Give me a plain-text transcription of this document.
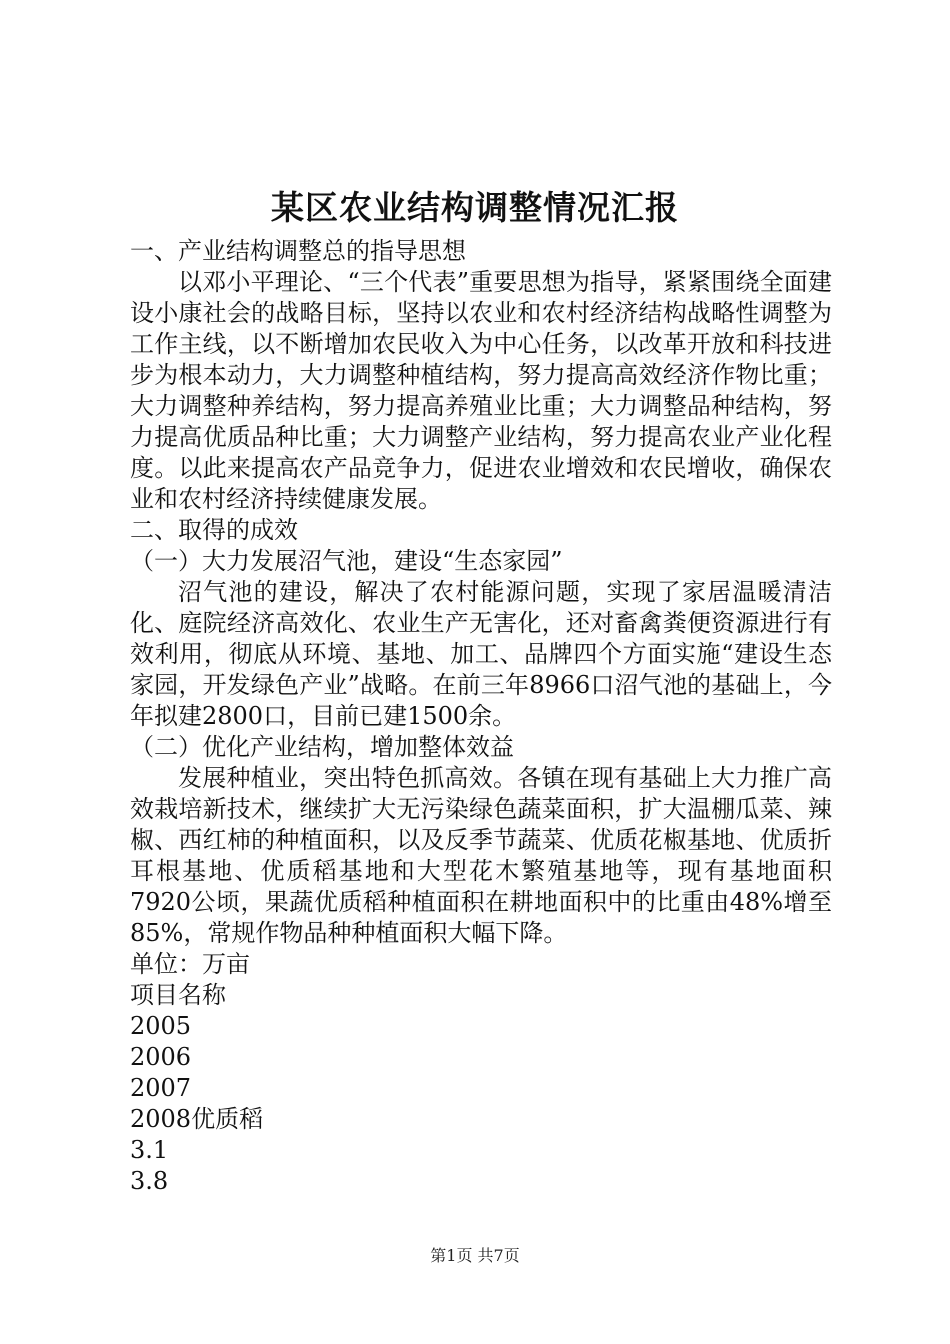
某区农业结构调整情况汇报

一、产业结构调整总的指导思想

以邓小平理论、“三个代表”重要思想为指导，紧紧围绕全面建设小康社会的战略目标，坚持以农业和农村经济结构战略性调整为工作主线，以不断增加农民收入为中心任务，以改革开放和科技进步为根本动力，大力调整种植结构，努力提高高效经济作物比重；大力调整种养结构，努力提高养殖业比重；大力调整品种结构，努力提高优质品种比重；大力调整产业结构，努力提高农业产业化程度。以此来提高农产品竞争力，促进农业增效和农民增收，确保农业和农村经济持续健康发展。

二、取得的成效

（一）大力发展沼气池，建设“生态家园”

沼气池的建设，解决了农村能源问题，实现了家居温暖清洁化、庭院经济高效化、农业生产无害化，还对畜禽粪便资源进行有效利用，彻底从环境、基地、加工、品牌四个方面实施“建设生态家园，开发绿色产业”战略。在前三年8966口沼气池的基础上，今年拟建2800口，目前已建1500余。

（二）优化产业结构，增加整体效益

发展种植业，突出特色抓高效。各镇在现有基础上大力推广高效栽培新技术，继续扩大无污染绿色蔬菜面积，扩大温棚瓜菜、辣椒、西红柿的种植面积，以及反季节蔬菜、优质花椒基地、优质折耳根基地、优质稻基地和大型花木繁殖基地等，现有基地面积7920公顷，果蔬优质稻种植面积在耕地面积中的比重由48%增至85%，常规作物品种种植面积大幅下降。

单位：万亩

项目名称

2005

2006

2007

2008优质稻

3.1

3.8

第1页 共7页
